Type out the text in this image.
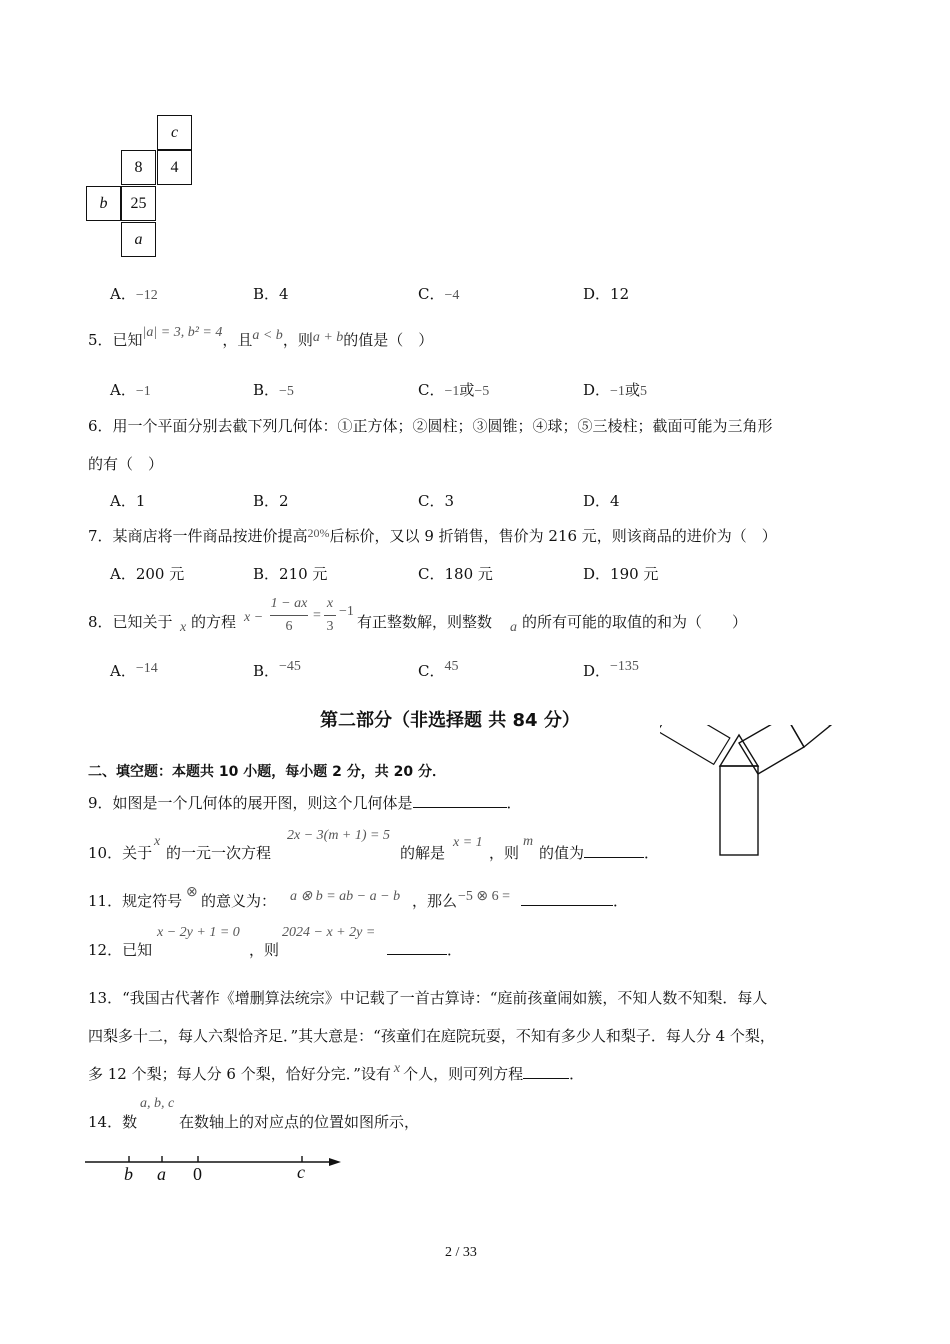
c
8	4
b	25
a
A．−12	B．4	C．−4	D．12
5．已知|a| = 3, b² = 4，且a < b，则a + b的值是（　）
A．−1	B．−5	C．−1或−5	D．−1或5
6．用一个平面分别去截下列几何体：①正方体；②圆柱；③圆锥；④球；⑤三棱柱；截面可能为三角形
的有（　）
A．1	B．2	C．3	D．4
7．某商店将一件商品按进价提高$^{20\%}$后标价，又以 9 折销售，售价为 216 元，则该商品的进价为（　）
A．200 元	B．210 元	C．180 元	D．190 元
8．已知关于 x 的方程 x −
1 − ax
6
=
x
3
−1
有正整数解，则整数 a 的所有可能的取值的和为（　　）
A．−14	B．−45	C．45	D．−135
第二部分（非选择题 共 84 分）
二、填空题：本题共 10 小题，每小题 2 分，共 20 分．
9．如图是一个几何体的展开图，则这个几何体是	．
10．关于
x
的一元一次方程
2x − 3(m + 1) = 5
的解是
x = 1
，则
m
的值为	．
11．规定符号 ⊗ 的意义为： a ⊗ b = ab − a − b ，那么 −5 ⊗ 6 =	．
12．已知
x − 2y + 1 = 0
，则
2024 − x + 2y =
．
13．“我国古代著作《增删算法统宗》中记载了一首古算诗：“庭前孩童闹如簇，不知人数不知梨．每人
四梨多十二，每人六梨恰齐足．”其大意是：“孩童们在庭院玩耍，不知有多少人和梨子．每人分 4 个梨，
多 12 个梨；每人分 6 个梨，恰好分完．”设有 x 个人，则可列方程	．
14．数
a, b, c
在数轴上的对应点的位置如图所示，
b a 0	c
2 / 33
